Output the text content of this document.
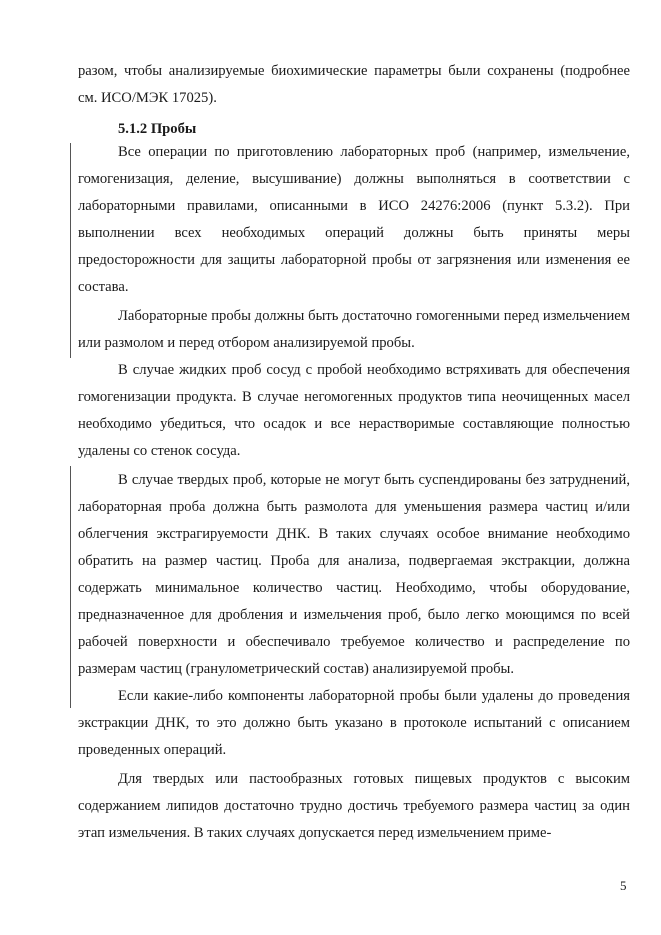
разом, чтобы анализируемые биохимические параметры были сохранены (подробнее см. ИСО/МЭК 17025).

5.1.2 Пробы

Все операции по приготовлению лабораторных проб (например, измельчение, гомогенизация, деление, высушивание) должны выполняться в соответствии с лабораторными правилами, описанными в ИСО 24276:2006 (пункт 5.3.2). При выполнении всех необходимых операций должны быть приняты меры предосторожности для защиты лабораторной пробы от загрязнения или изменения ее состава.

Лабораторные пробы должны быть достаточно гомогенными перед измельчением или размолом и перед отбором анализируемой пробы.

В случае жидких проб сосуд с пробой необходимо встряхивать для обеспечения гомогенизации продукта. В случае негомогенных продуктов типа неочищенных масел необходимо убедиться, что осадок и все нерастворимые составляющие полностью удалены со стенок сосуда.

В случае твердых проб, которые не могут быть суспендированы без затруднений, лабораторная проба должна быть размолота для уменьшения размера частиц и/или облегчения экстрагируемости ДНК. В таких случаях особое внимание необходимо обратить на размер частиц. Проба для анализа, подвергаемая экстракции, должна содержать минимальное количество частиц. Необходимо, чтобы оборудование, предназначенное для дробления и измельчения проб, было легко моющимся по всей рабочей поверхности и обеспечивало требуемое количество и распределение по размерам частиц (гранулометрический состав) анализируемой пробы.

Если какие-либо компоненты лабораторной пробы были удалены до проведения экстракции ДНК, то это должно быть указано в протоколе испытаний с описанием проведенных операций.

Для твердых или пастообразных готовых пищевых продуктов с высоким содержанием липидов достаточно трудно достичь требуемого размера частиц за один этап измельчения. В таких случаях допускается перед измельчением приме-

5
